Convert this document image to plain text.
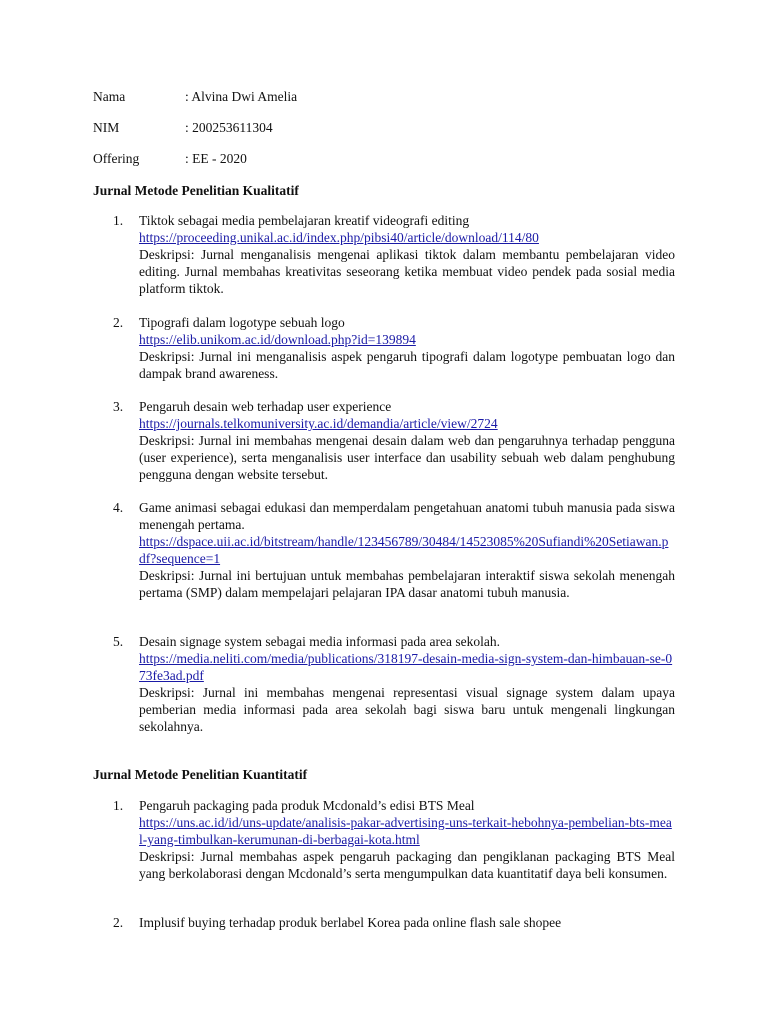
Nama	: Alvina Dwi Amelia
NIM	: 200253611304
Offering	: EE - 2020
Jurnal Metode Penelitian Kualitatif
1.	Tiktok sebagai media pembelajaran kreatif videografi editing
https://proceeding.unikal.ac.id/index.php/pibsi40/article/download/114/80
Deskripsi: Jurnal menganalisis mengenai aplikasi tiktok dalam membantu pembelajaran video editing. Jurnal membahas kreativitas seseorang ketika membuat video pendek pada sosial media platform tiktok.
2.	Tipografi dalam logotype sebuah logo
https://elib.unikom.ac.id/download.php?id=139894
Deskripsi: Jurnal ini menganalisis aspek pengaruh tipografi dalam logotype pembuatan logo dan dampak brand awareness.
3.	Pengaruh desain web terhadap user experience
https://journals.telkomuniversity.ac.id/demandia/article/view/2724
Deskripsi: Jurnal ini membahas mengenai desain dalam web dan pengaruhnya terhadap pengguna (user experience), serta menganalisis user interface dan usability sebuah web dalam penghubung pengguna dengan website tersebut.
4.	Game animasi sebagai edukasi dan memperdalam pengetahuan anatomi tubuh manusia pada siswa menengah pertama.
https://dspace.uii.ac.id/bitstream/handle/123456789/30484/14523085%20Sufiandi%20Setiawan.pdf?sequence=1
Deskripsi: Jurnal ini bertujuan untuk membahas pembelajaran interaktif siswa sekolah menengah pertama (SMP) dalam mempelajari pelajaran IPA dasar anatomi tubuh manusia.
5.	Desain signage system sebagai media informasi pada area sekolah.
https://media.neliti.com/media/publications/318197-desain-media-sign-system-dan-himbauan-se-073fe3ad.pdf
Deskripsi: Jurnal ini membahas mengenai representasi visual signage system dalam upaya pemberian media informasi pada area sekolah bagi siswa baru untuk mengenali lingkungan sekolahnya.
Jurnal Metode Penelitian Kuantitatif
1.	Pengaruh packaging pada produk Mcdonald’s edisi BTS Meal
https://uns.ac.id/id/uns-update/analisis-pakar-advertising-uns-terkait-hebohnya-pembelian-bts-meal-yang-timbulkan-kerumunan-di-berbagai-kota.html
Deskripsi: Jurnal membahas aspek pengaruh packaging dan pengiklanan packaging BTS Meal yang berkolaborasi dengan Mcdonald’s serta mengumpulkan data kuantitatif daya beli konsumen.
2.	Implusif buying terhadap produk berlabel Korea pada online flash sale shopee
